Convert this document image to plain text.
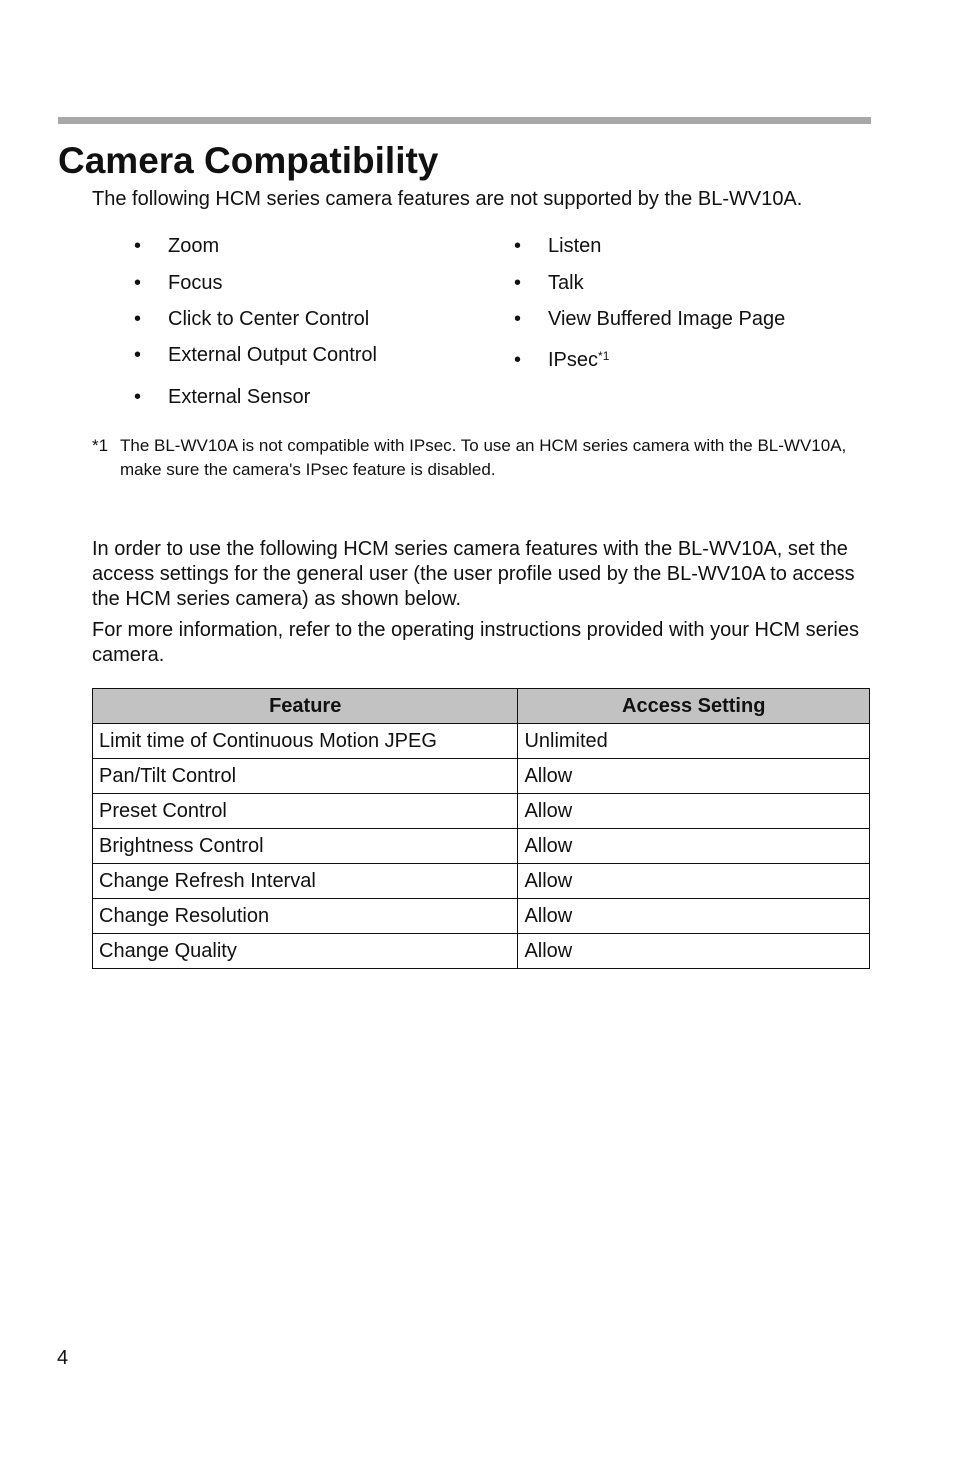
Camera Compatibility

The following HCM series camera features are not supported by the BL-WV10A.

•	Zoom
•	Focus
•	Click to Center Control
•	External Output Control
•	External Sensor
•	Listen
•	Talk
•	View Buffered Image Page
•	IPsec$^{*1}$
*1 The BL-WV10A is not compatible with IPsec. To use an HCM series camera with the BL-WV10A, make sure the camera's IPsec feature is disabled.

In order to use the following HCM series camera features with the BL-WV10A, set the access settings for the general user (the user profile used by the BL-WV10A to access the HCM series camera) as shown below.

For more information, refer to the operating instructions provided with your HCM series camera.

Feature	Access Setting
Limit time of Continuous Motion JPEG	Unlimited
Pan/Tilt Control	Allow
Preset Control	Allow
Brightness Control	Allow
Change Refresh Interval	Allow
Change Resolution	Allow
Change Quality	Allow
4
